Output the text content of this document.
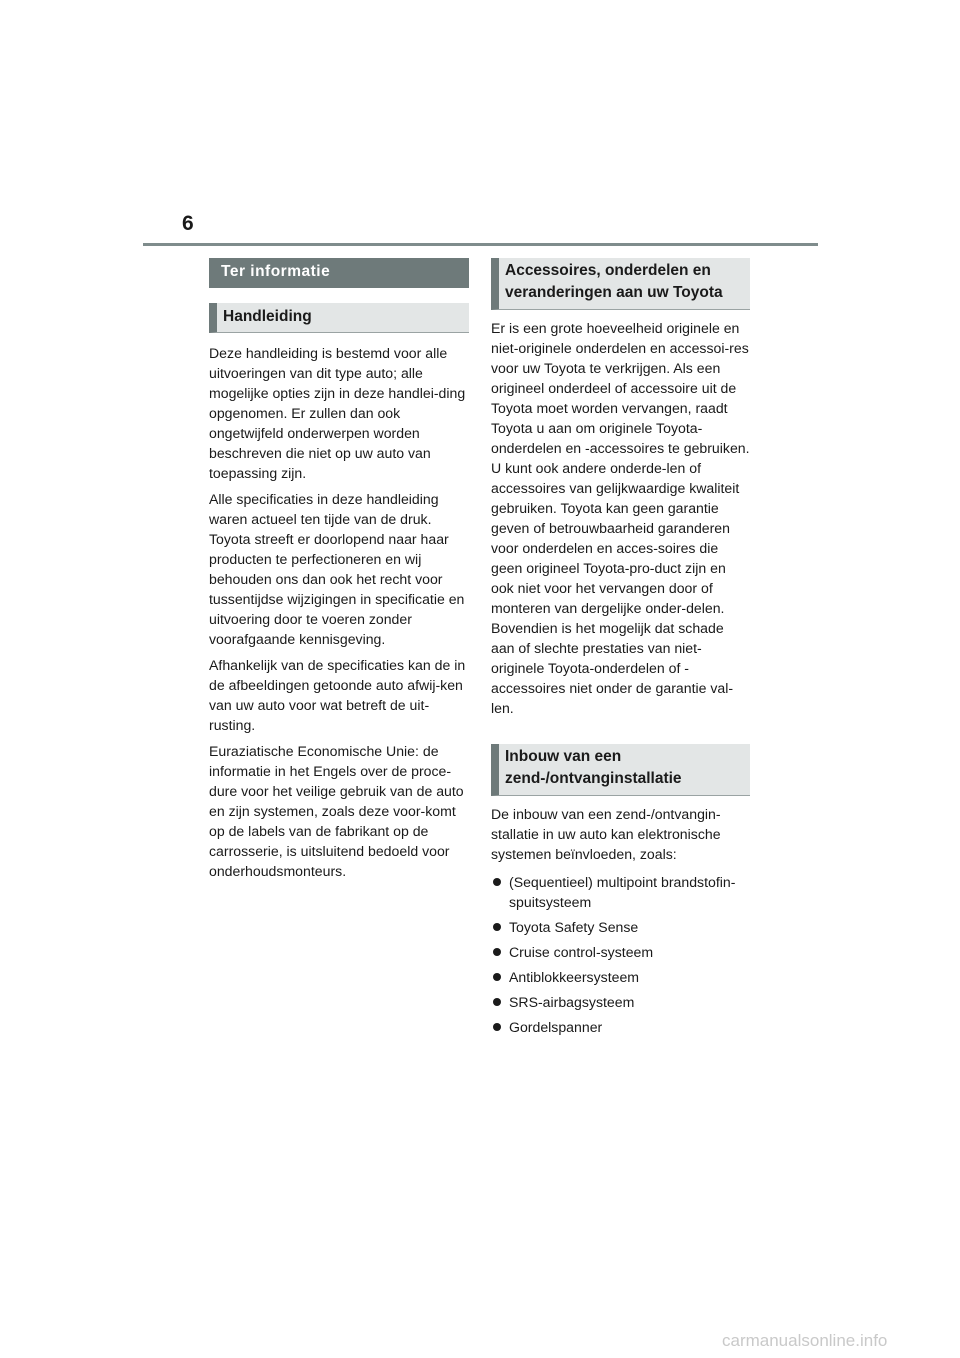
6
Ter informatie
Handleiding

Deze handleiding is bestemd voor alle uitvoeringen van dit type auto; alle mogelijke opties zijn in deze handlei-ding opgenomen. Er zullen dan ook ongetwijfeld onderwerpen worden beschreven die niet op uw auto van toepassing zijn.

Alle specificaties in deze handleiding waren actueel ten tijde van de druk. Toyota streeft er doorlopend naar haar producten te perfectioneren en wij behouden ons dan ook het recht voor tussentijdse wijzigingen in specificatie en uitvoering door te voeren zonder voorafgaande kennisgeving.

Afhankelijk van de specificaties kan de in de afbeeldingen getoonde auto afwij-ken van uw auto voor wat betreft de uit-rusting.

Euraziatische Economische Unie: de informatie in het Engels over de proce-dure voor het veilige gebruik van de auto en zijn systemen, zoals deze voor-komt op de labels van de fabrikant op de carrosserie, is uitsluitend bedoeld voor onderhoudsmonteurs.

Accessoires, onderdelen en
veranderingen aan uw Toyota

Er is een grote hoeveelheid originele en niet-originele onderdelen en accessoi-res voor uw Toyota te verkrijgen. Als een origineel onderdeel of accessoire uit de Toyota moet worden vervangen, raadt Toyota u aan om originele Toyota-onderdelen en -accessoires te gebruiken. U kunt ook andere onderde-len of accessoires van gelijkwaardige kwaliteit gebruiken. Toyota kan geen garantie geven of betrouwbaarheid garanderen voor onderdelen en acces-soires die geen origineel Toyota-pro-duct zijn en ook niet voor het vervangen door of monteren van dergelijke onder-delen. Bovendien is het mogelijk dat schade aan of slechte prestaties van niet-originele Toyota-onderdelen of -accessoires niet onder de garantie val-len.

Inbouw van een
zend-/ontvanginstallatie

De inbouw van een zend-/ontvangin-stallatie in uw auto kan elektronische systemen beïnvloeden, zoals:

(Sequentieel) multipoint brandstofin-spuitsysteem
Toyota Safety Sense
Cruise control-systeem
Antiblokkeersysteem
SRS-airbagsysteem
Gordelspanner
carmanualsonline.info
